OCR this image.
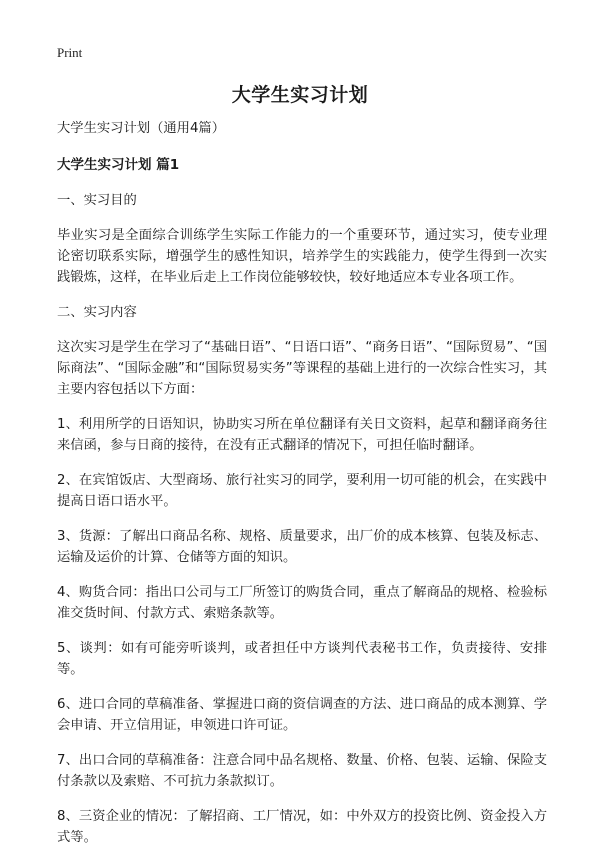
Print
大学生实习计划

大学生实习计划（通用4篇）

大学生实习计划 篇1

一、实习目的

毕业实习是全面综合训练学生实际工作能力的一个重要环节，通过实习，使专业理论密切联系实际，增强学生的感性知识，培养学生的实践能力，使学生得到一次实践锻炼，这样，在毕业后走上工作岗位能够较快，较好地适应本专业各项工作。

二、实习内容

这次实习是学生在学习了“基础日语”、“日语口语”、“商务日语”、“国际贸易”、“国际商法”、“国际金融”和“国际贸易实务”等课程的基础上进行的一次综合性实习，其主要内容包括以下方面：

1、利用所学的日语知识，协助实习所在单位翻译有关日文资料，起草和翻译商务往来信函，参与日商的接待，在没有正式翻译的情况下，可担任临时翻译。

2、在宾馆饭店、大型商场、旅行社实习的同学，要利用一切可能的机会，在实践中提高日语口语水平。

3、货源：了解出口商品名称、规格、质量要求，出厂价的成本核算、包装及标志、运输及运价的计算、仓储等方面的知识。

4、购货合同：指出口公司与工厂所签订的购货合同，重点了解商品的规格、检验标准交货时间、付款方式、索赔条款等。

5、谈判：如有可能旁听谈判，或者担任中方谈判代表秘书工作，负责接待、安排等。

6、进口合同的草稿准备、掌握进口商的资信调查的方法、进口商品的成本测算、学会申请、开立信用证，申领进口许可证。

7、出口合同的草稿准备：注意合同中品名规格、数量、价格、包装、运输、保险支付条款以及索赔、不可抗力条款拟订。

8、三资企业的情况：了解招商、工厂情况，如：中外双方的投资比例、资金投入方式等。
